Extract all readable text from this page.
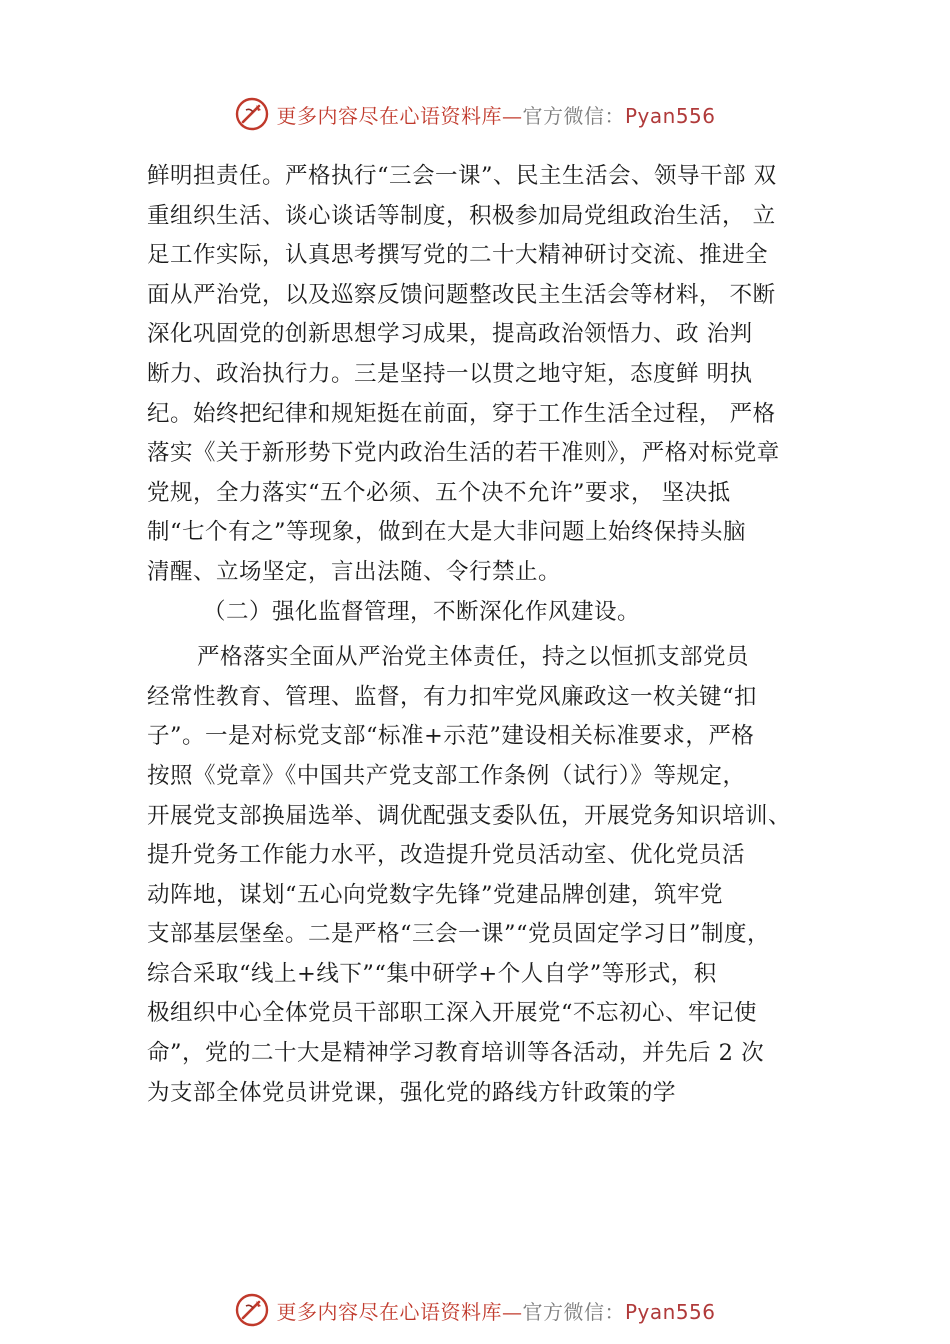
更多内容尽在心语资料库—官方微信：Pyan556
鲜明担责任。严格执行“三会一课”、民主生活会、领导干部 双
重组织生活、谈心谈话等制度，积极参加局党组政治生活， 立
足工作实际，认真思考撰写党的二十大精神研讨交流、推进全
面从严治党，以及巡察反馈问题整改民主生活会等材料， 不断
深化巩固党的创新思想学习成果，提高政治领悟力、政 治判
断力、政治执行力。三是坚持一以贯之地守矩，态度鲜 明执
纪。始终把纪律和规矩挺在前面，穿于工作生活全过程， 严格
落实《关于新形势下党内政治生活的若干准则》，严格对标党章
党规，全力落实“五个必须、五个决不允许”要求， 坚决抵
制“七个有之”等现象，做到在大是大非问题上始终保持头脑
清醒、立场坚定，言出法随、令行禁止。
（二）强化监督管理，不断深化作风建设。
严格落实全面从严治党主体责任，持之以恒抓支部党员
经常性教育、管理、监督，有力扣牢党风廉政这一枚关键“扣
子”。一是对标党支部“标准+示范”建设相关标准要求，严格
按照《党章》《中国共产党支部工作条例（试行）》等规定，
开展党支部换届选举、调优配强支委队伍，开展党务知识培训、
提升党务工作能力水平，改造提升党员活动室、优化党员活
动阵地，谋划“五心向党数字先锋”党建品牌创建，筑牢党
支部基层堡垒。二是严格“三会一课”“党员固定学习日”制度，
综合采取“线上+线下”“集中研学+个人自学”等形式，积
极组织中心全体党员干部职工深入开展党“不忘初心、牢记使
命”，党的二十大是精神学习教育培训等各活动，并先后 2 次
为支部全体党员讲党课，强化党的路线方针政策的学
更多内容尽在心语资料库—官方微信：Pyan556
